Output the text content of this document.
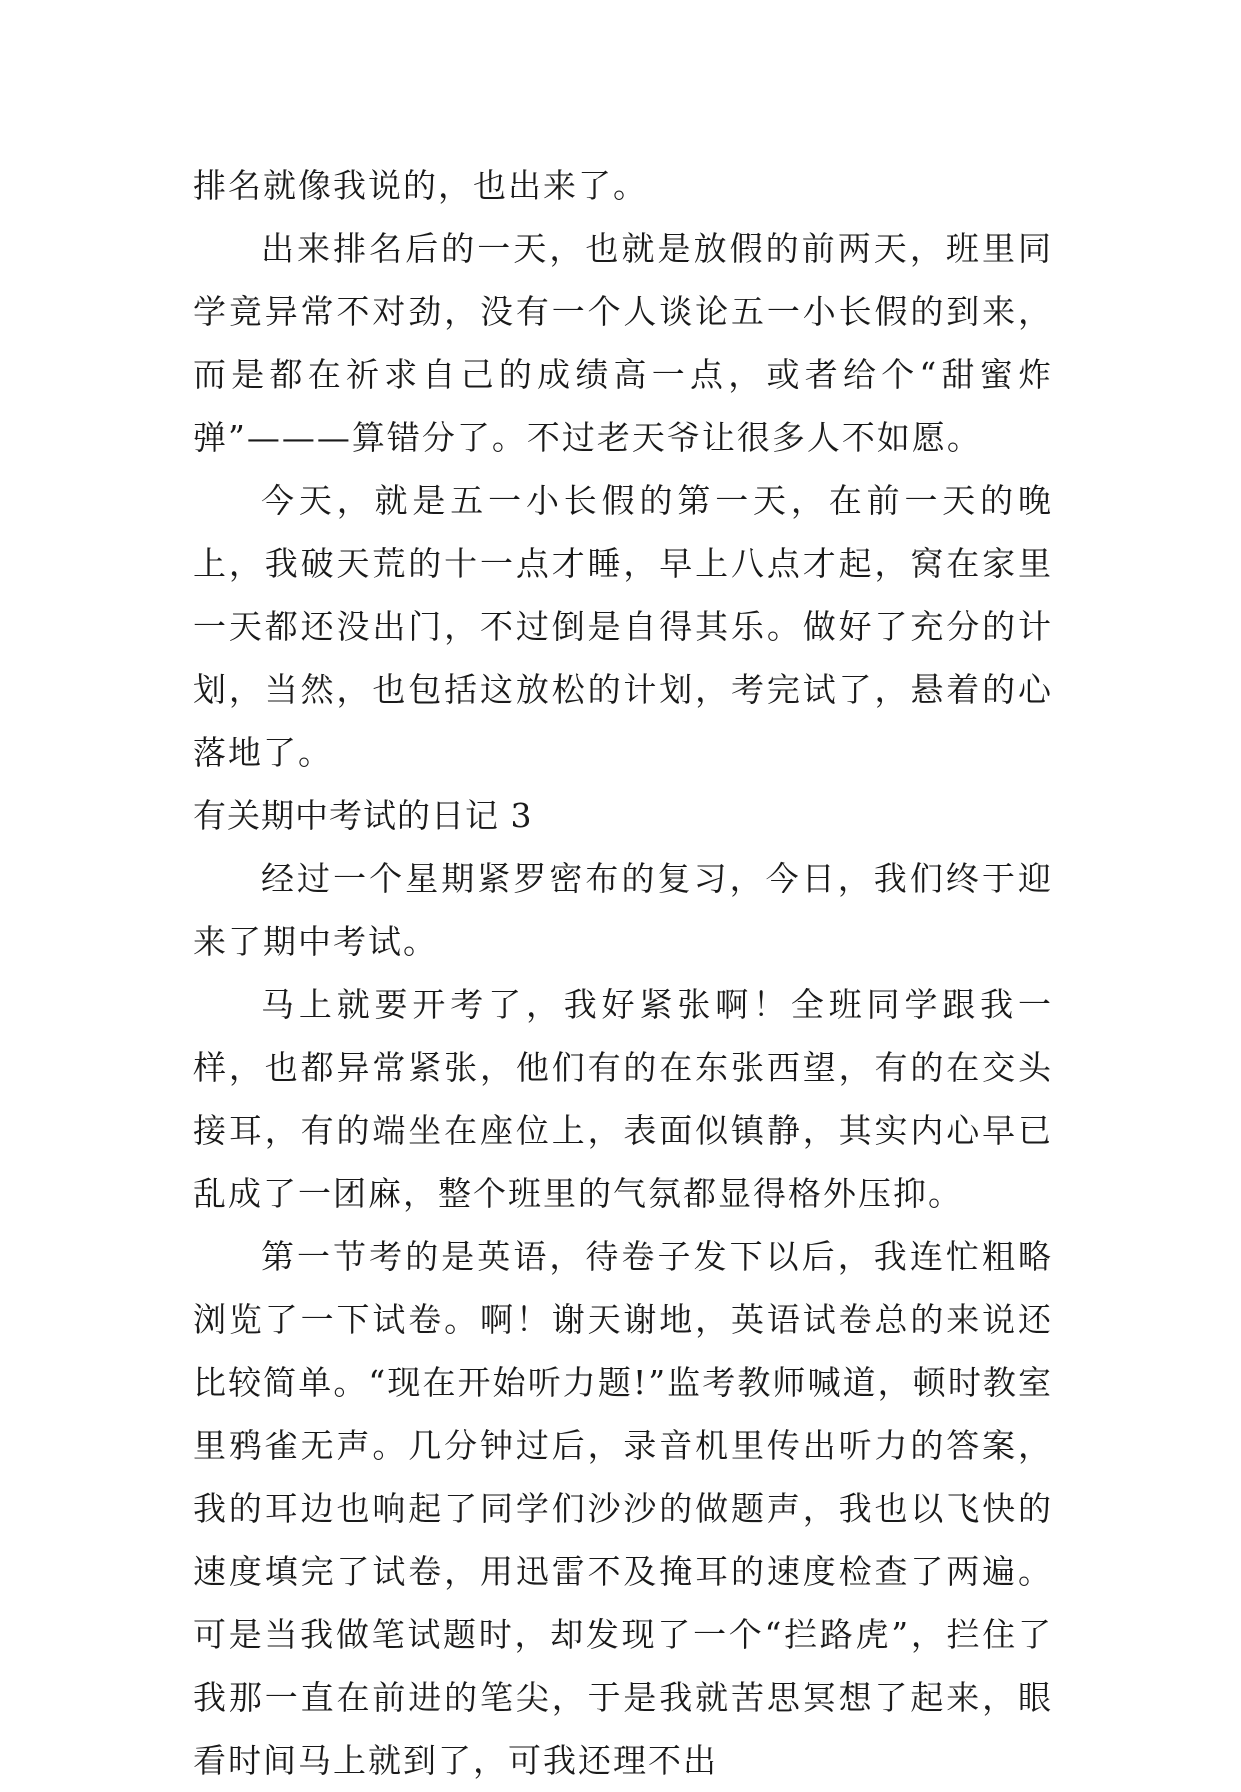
排名就像我说的，也出来了。

出来排名后的一天，也就是放假的前两天，班里同学竟异常不对劲，没有一个人谈论五一小长假的到来，而是都在祈求自己的成绩高一点，或者给个“甜蜜炸弹”———算错分了。不过老天爷让很多人不如愿。

今天，就是五一小长假的第一天，在前一天的晚上，我破天荒的十一点才睡，早上八点才起，窝在家里一天都还没出门，不过倒是自得其乐。做好了充分的计划，当然，也包括这放松的计划，考完试了，悬着的心落地了。

有关期中考试的日记 3

经过一个星期紧罗密布的复习，今日，我们终于迎来了期中考试。

马上就要开考了，我好紧张啊！全班同学跟我一样，也都异常紧张，他们有的在东张西望，有的在交头接耳，有的端坐在座位上，表面似镇静，其实内心早已乱成了一团麻，整个班里的气氛都显得格外压抑。

第一节考的是英语，待卷子发下以后，我连忙粗略浏览了一下试卷。啊！谢天谢地，英语试卷总的来说还比较简单。“现在开始听力题!”监考教师喊道，顿时教室里鸦雀无声。几分钟过后，录音机里传出听力的答案，我的耳边也响起了同学们沙沙的做题声，我也以飞快的速度填完了试卷，用迅雷不及掩耳的速度检查了两遍。可是当我做笔试题时，却发现了一个“拦路虎”，拦住了我那一直在前进的笔尖，于是我就苦思冥想了起来，眼看时间马上就到了，可我还理不出
